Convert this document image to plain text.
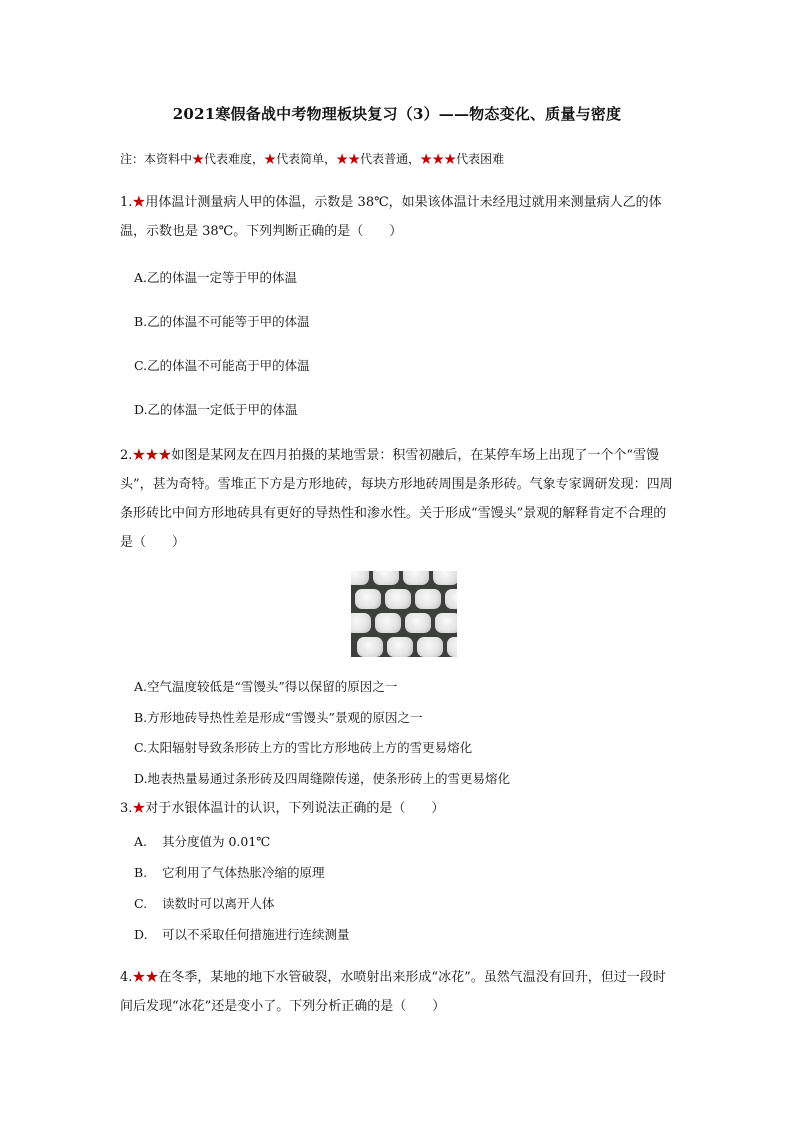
2021寒假备战中考物理板块复习（3）——物态变化、质量与密度
注：本资料中★代表难度，★代表简单，★★代表普通，★★★代表困难
1.★用体温计测量病人甲的体温，示数是 38℃，如果该体温计未经甩过就用来测量病人乙的体温，示数也是 38℃。下列判断正确的是（　　）
A.乙的体温一定等于甲的体温
B.乙的体温不可能等于甲的体温
C.乙的体温不可能高于甲的体温
D.乙的体温一定低于甲的体温
2.★★★如图是某网友在四月拍摄的某地雪景：积雪初融后，在某停车场上出现了一个个“雪馒头”，甚为奇特。雪堆正下方是方形地砖，每块方形地砖周围是条形砖。气象专家调研发现：四周条形砖比中间方形地砖具有更好的导热性和渗水性。关于形成“雪馒头”景观的解释肯定不合理的是（　　）
A.空气温度较低是“雪馒头”得以保留的原因之一
B.方形地砖导热性差是形成“雪馒头”景观的原因之一
C.太阳辐射导致条形砖上方的雪比方形地砖上方的雪更易熔化
D.地表热量易通过条形砖及四周缝隙传递，使条形砖上的雪更易熔化
3.★对于水银体温计的认识，下列说法正确的是（　　）
A. 其分度值为 0.01℃
B. 它利用了气体热胀冷缩的原理
C. 读数时可以离开人体
D. 可以不采取任何措施进行连续测量
4.★★在冬季，某地的地下水管破裂，水喷射出来形成“冰花”。虽然气温没有回升，但过一段时间后发现“冰花”还是变小了。下列分析正确的是（　　）
